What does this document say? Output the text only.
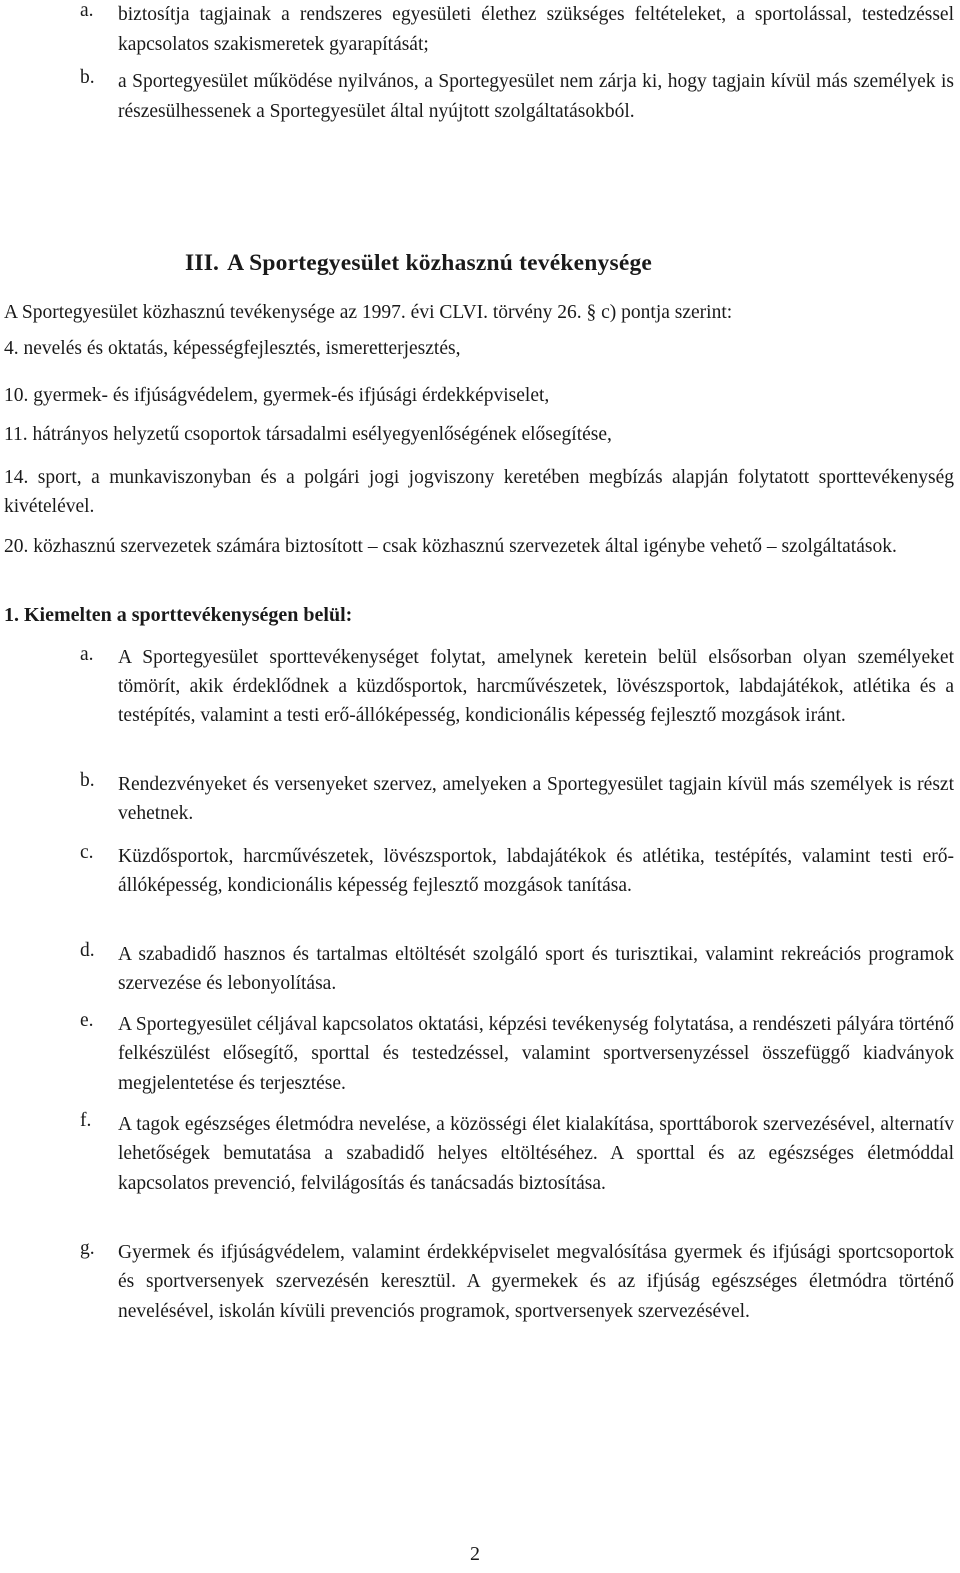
a.	biztosítja tagjainak a rendszeres egyesületi élethez szükséges feltételeket, a sportolással, testedzéssel kapcsolatos szakismeretek gyarapítását;
b.	a Sportegyesület működése nyilvános, a Sportegyesület nem zárja ki, hogy tagjain kívül más személyek is részesülhessenek a Sportegyesület által nyújtott szolgáltatásokból.
III. A Sportegyesület közhasznú tevékenysége
A Sportegyesület közhasznú tevékenysége az 1997. évi CLVI. törvény 26. § c) pontja szerint:
4. nevelés és oktatás, képességfejlesztés, ismeretterjesztés,
10. gyermek- és ifjúságvédelem, gyermek-és ifjúsági érdekképviselet,
11. hátrányos helyzetű csoportok társadalmi esélyegyenlőségének elősegítése,
14. sport, a munkaviszonyban és a polgári jogi jogviszony keretében megbízás alapján folytatott sporttevékenység kivételével.
20. közhasznú szervezetek számára biztosított – csak közhasznú szervezetek által igénybe vehető – szolgáltatások.
1. Kiemelten a sporttevékenységen belül:
a.	A Sportegyesület sporttevékenységet folytat, amelynek keretein belül elsősorban olyan személyeket tömörít, akik érdeklődnek a küzdősportok, harcművészetek, lövészsportok, labdajátékok, atlétika és a testépítés, valamint a testi erő-állóképesség, kondicionális képesség fejlesztő mozgások iránt.
b.	Rendezvényeket és versenyeket szervez, amelyeken a Sportegyesület tagjain kívül más személyek is részt vehetnek.
c.	Küzdősportok, harcművészetek, lövészsportok, labdajátékok és atlétika, testépítés, valamint testi erő-állóképesség, kondicionális képesség fejlesztő mozgások tanítása.
d.	A szabadidő hasznos és tartalmas eltöltését szolgáló sport és turisztikai, valamint rekreációs programok szervezése és lebonyolítása.
e.	A Sportegyesület céljával kapcsolatos oktatási, képzési tevékenység folytatása, a rendészeti pályára történő felkészülést elősegítő, sporttal és testedzéssel, valamint sportversenyzéssel összefüggő kiadványok megjelentetése és terjesztése.
f.	A tagok egészséges életmódra nevelése, a közösségi élet kialakítása, sporttáborok szervezésével, alternatív lehetőségek bemutatása a szabadidő helyes eltöltéséhez. A sporttal és az egészséges életmóddal kapcsolatos prevenció, felvilágosítás és tanácsadás biztosítása.
g.	Gyermek és ifjúságvédelem, valamint érdekképviselet megvalósítása gyermek és ifjúsági sportcsoportok és sportversenyek szervezésén keresztül. A gyermekek és az ifjúság egészséges életmódra történő nevelésével, iskolán kívüli prevenciós programok, sportversenyek szervezésével.
2
